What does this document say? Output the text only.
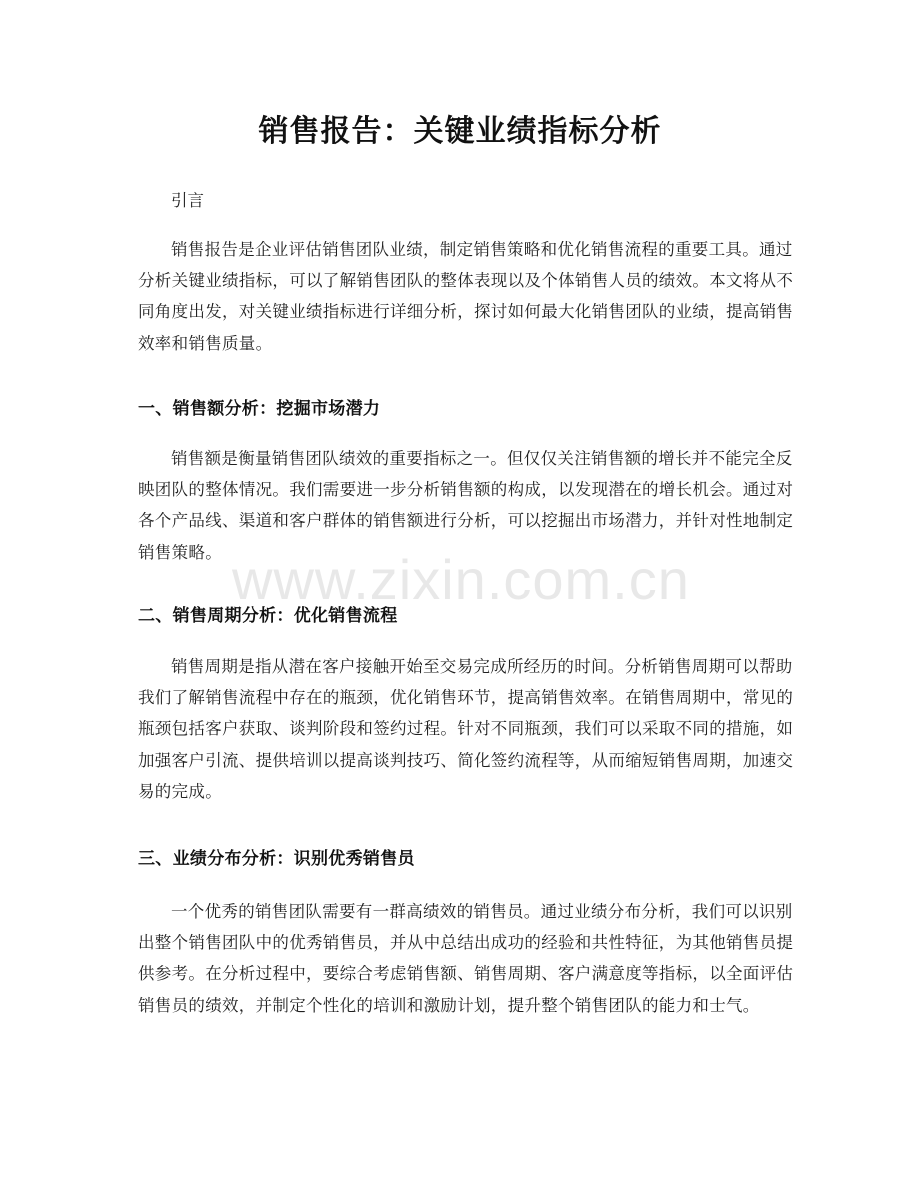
销售报告：关键业绩指标分析
引言

销售报告是企业评估销售团队业绩，制定销售策略和优化销售流程的重要工具。通过分析关键业绩指标，可以了解销售团队的整体表现以及个体销售人员的绩效。本文将从不同角度出发，对关键业绩指标进行详细分析，探讨如何最大化销售团队的业绩，提高销售效率和销售质量。

一、销售额分析：挖掘市场潜力

销售额是衡量销售团队绩效的重要指标之一。但仅仅关注销售额的增长并不能完全反映团队的整体情况。我们需要进一步分析销售额的构成，以发现潜在的增长机会。通过对各个产品线、渠道和客户群体的销售额进行分析，可以挖掘出市场潜力，并针对性地制定销售策略。

二、销售周期分析：优化销售流程

销售周期是指从潜在客户接触开始至交易完成所经历的时间。分析销售周期可以帮助我们了解销售流程中存在的瓶颈，优化销售环节，提高销售效率。在销售周期中，常见的瓶颈包括客户获取、谈判阶段和签约过程。针对不同瓶颈，我们可以采取不同的措施，如加强客户引流、提供培训以提高谈判技巧、简化签约流程等，从而缩短销售周期，加速交易的完成。

三、业绩分布分析：识别优秀销售员

一个优秀的销售团队需要有一群高绩效的销售员。通过业绩分布分析，我们可以识别出整个销售团队中的优秀销售员，并从中总结出成功的经验和共性特征，为其他销售员提供参考。在分析过程中，要综合考虑销售额、销售周期、客户满意度等指标，以全面评估销售员的绩效，并制定个性化的培训和激励计划，提升整个销售团队的能力和士气。

www.zixin.com.cn
